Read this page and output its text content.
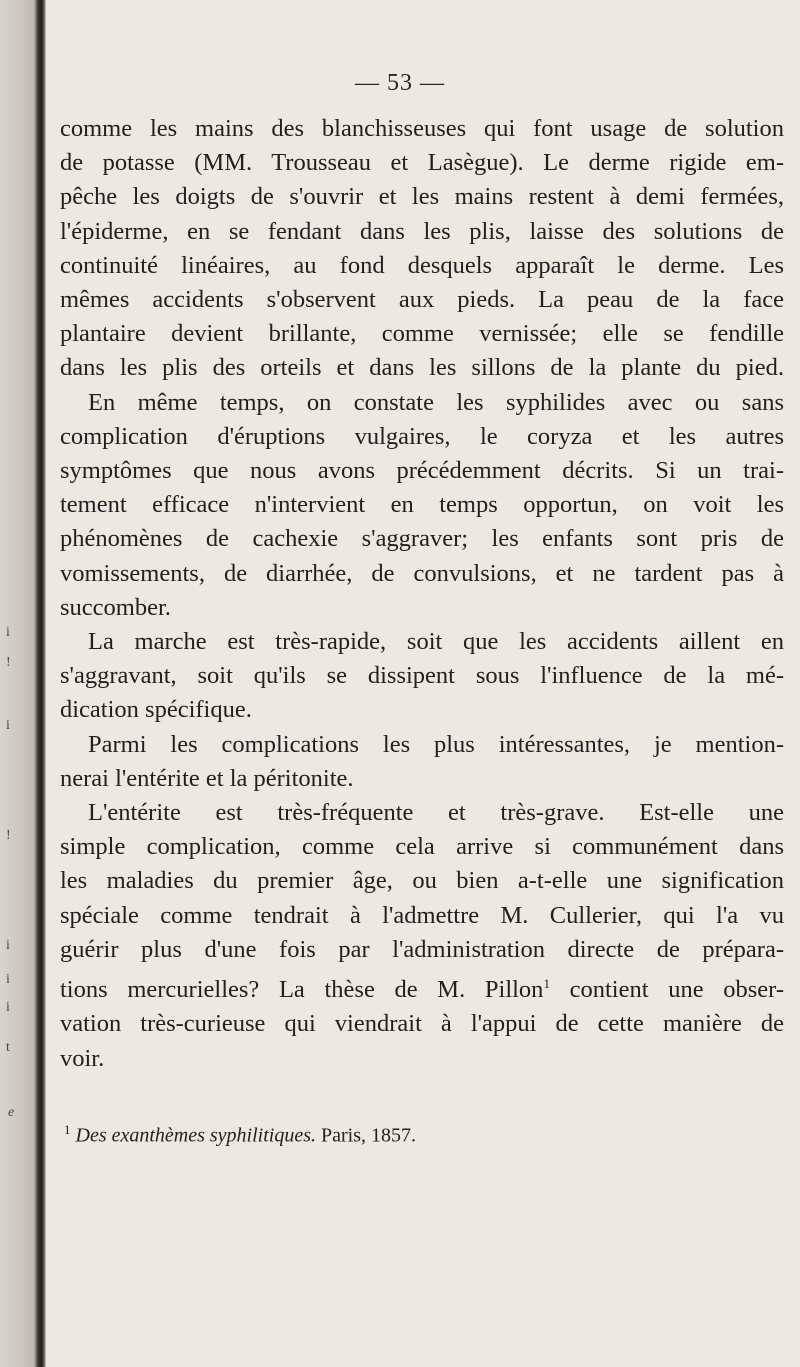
i
!
i
!
i
i
i
t
e
— 53 —
comme les mains des blanchisseuses qui font usage de solution
de potasse (MM. Trousseau et Lasègue). Le derme rigide em-
pêche les doigts de s'ouvrir et les mains restent à demi fermées,
l'épiderme, en se fendant dans les plis, laisse des solutions de
continuité linéaires, au fond desquels apparaît le derme. Les
mêmes accidents s'observent aux pieds. La peau de la face
plantaire devient brillante, comme vernissée; elle se fendille
dans les plis des orteils et dans les sillons de la plante du pied.
En même temps, on constate les syphilides avec ou sans
complication d'éruptions vulgaires, le coryza et les autres
symptômes que nous avons précédemment décrits. Si un trai-
tement efficace n'intervient en temps opportun, on voit les
phénomènes de cachexie s'aggraver; les enfants sont pris de
vomissements, de diarrhée, de convulsions, et ne tardent pas à
succomber.
La marche est très-rapide, soit que les accidents aillent en
s'aggravant, soit qu'ils se dissipent sous l'influence de la mé-
dication spécifique.
Parmi les complications les plus intéressantes, je mention-
nerai l'entérite et la péritonite.
L'entérite est très-fréquente et très-grave. Est-elle une
simple complication, comme cela arrive si communément dans
les maladies du premier âge, ou bien a-t-elle une signification
spéciale comme tendrait à l'admettre M. Cullerier, qui l'a vu
guérir plus d'une fois par l'administration directe de prépara-
tions mercurielles? La thèse de M. Pillon$^1$ contient une obser-
vation très-curieuse qui viendrait à l'appui de cette manière de
voir.
$^1$ Des exanthèmes syphilitiques. Paris, 1857.
